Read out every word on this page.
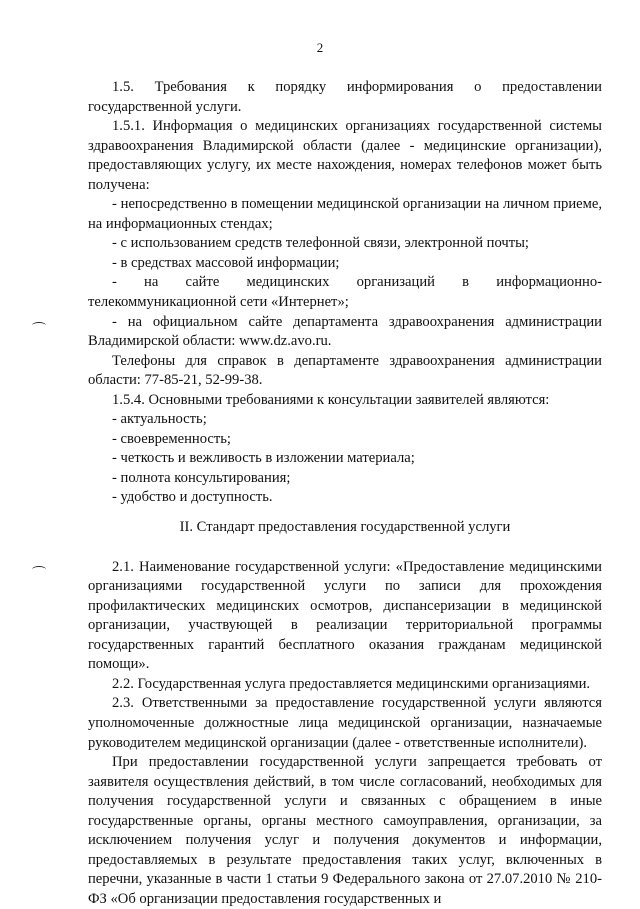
2

1.5. Требования к порядку информирования о предоставлении государственной услуги.

1.5.1. Информация о медицинских организациях государственной системы здравоохранения Владимирской области (далее - медицинские организации), предоставляющих услугу, их месте нахождения, номерах телефонов может быть получена:

- непосредственно в помещении медицинской организации на личном приеме, на информационных стендах;

- с использованием средств телефонной связи, электронной почты;

- в средствах массовой информации;

- на сайте медицинских организаций в информационно-телекоммуникационной сети «Интернет»;

- на официальном сайте департамента здравоохранения администрации Владимирской области: www.dz.avo.ru.

Телефоны для справок в департаменте здравоохранения администрации области: 77-85-21, 52-99-38.

1.5.4. Основными требованиями к консультации заявителей являются:

- актуальность;

- своевременность;

- четкость и вежливость в изложении материала;

- полнота консультирования;

- удобство и доступность.

II. Стандарт предоставления государственной услуги

2.1. Наименование государственной услуги: «Предоставление медицинскими организациями государственной услуги по записи для прохождения профилактических медицинских осмотров, диспансеризации в медицинской организации, участвующей в реализации территориальной программы государственных гарантий бесплатного оказания гражданам медицинской помощи».

2.2. Государственная услуга предоставляется медицинскими организациями.

2.3. Ответственными за предоставление государственной услуги являются уполномоченные должностные лица медицинской организации, назначаемые руководителем медицинской организации (далее - ответственные исполнители).

При предоставлении государственной услуги запрещается требовать от заявителя осуществления действий, в том числе согласований, необходимых для получения государственной услуги и связанных с обращением в иные государственные органы, органы местного самоуправления, организации, за исключением получения услуг и получения документов и информации, предоставляемых в результате предоставления таких услуг, включенных в перечни, указанные в части 1 статьи 9 Федерального закона от 27.07.2010 № 210-ФЗ «Об организации предоставления государственных и
